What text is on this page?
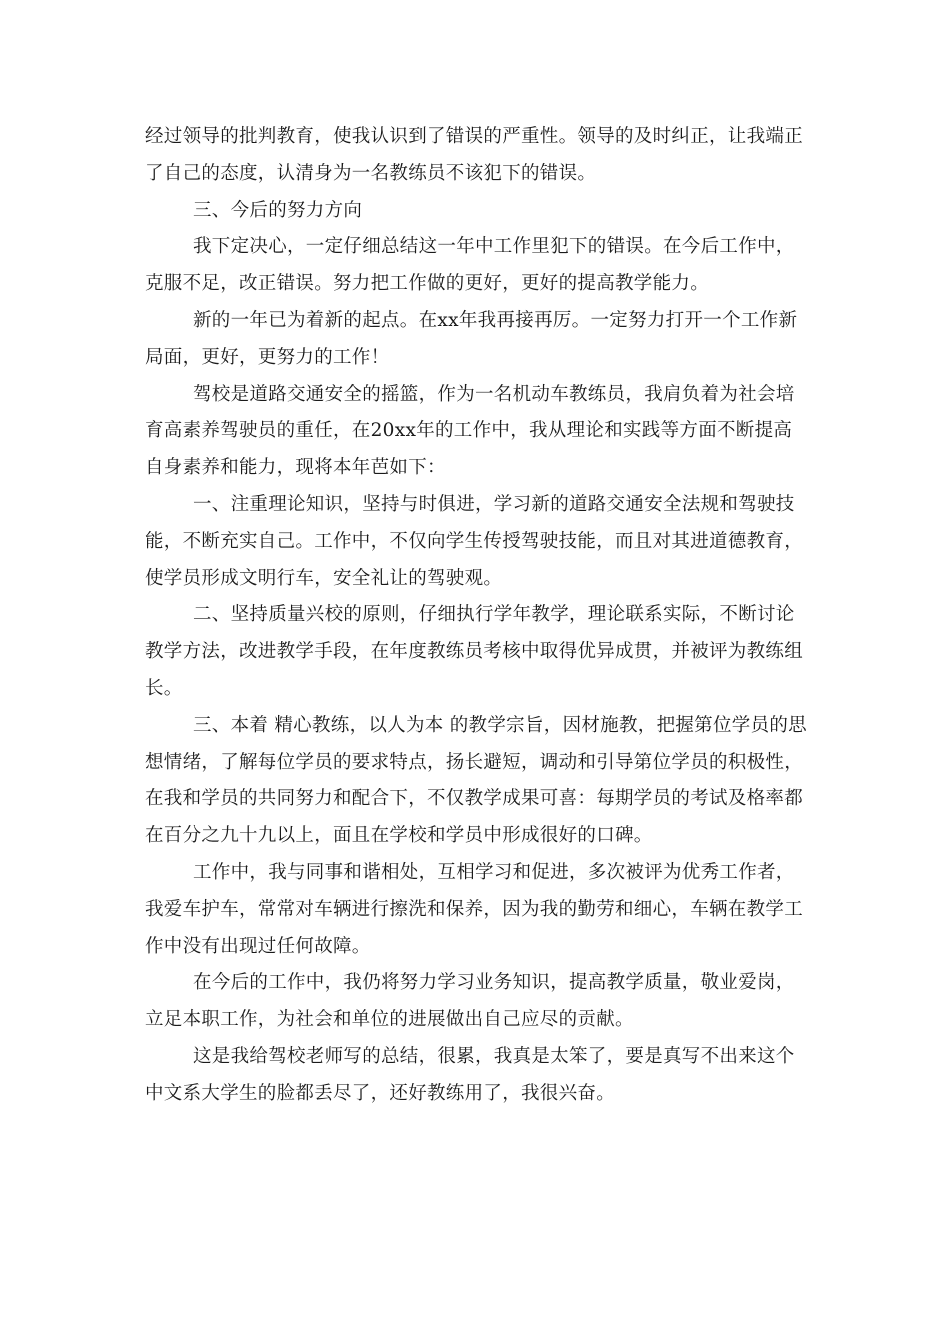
经过领导的批判教育，使我认识到了错误的严重性。领导的及时纠正，让我端正了自己的态度，认清身为一名教练员不该犯下的错误。

三、今后的努力方向

我下定决心，一定仔细总结这一年中工作里犯下的错误。在今后工作中，克服不足，改正错误。努力把工作做的更好，更好的提高教学能力。

新的一年已为着新的起点。在xx年我再接再厉。一定努力打开一个工作新局面，更好，更努力的工作！

驾校是道路交通安全的摇篮，作为一名机动车教练员，我肩负着为社会培育高素养驾驶员的重任，在20xx年的工作中，我从理论和实践等方面不断提高自身素养和能力，现将本年芭如下：

一、注重理论知识，坚持与时俱进，学习新的道路交通安全法规和驾驶技能，不断充实自己。工作中，不仅向学生传授驾驶技能，而且对其进道德教育，使学员形成文明行车，安全礼让的驾驶观。

二、坚持质量兴校的原则，仔细执行学年教学，理论联系实际，不断讨论教学方法，改进教学手段，在年度教练员考核中取得优异成贯，并被评为教练组长。

三、本着 精心教练，以人为本 的教学宗旨，因材施教，把握第位学员的思想情绪，了解每位学员的要求特点，扬长避短，调动和引导第位学员的积极性，在我和学员的共同努力和配合下，不仅教学成果可喜：每期学员的考试及格率都在百分之九十九以上，面且在学校和学员中形成很好的口碑。

工作中，我与同事和谐相处，互相学习和促进，多次被评为优秀工作者，我爱车护车，常常对车辆进行擦洗和保养，因为我的勤劳和细心，车辆在教学工作中没有出现过任何故障。

在今后的工作中，我仍将努力学习业务知识，提高教学质量，敬业爱岗，立足本职工作，为社会和单位的进展做出自己应尽的贡献。

这是我给驾校老师写的总结，很累，我真是太笨了，要是真写不出来这个中文系大学生的脸都丢尽了，还好教练用了，我很兴奋。
